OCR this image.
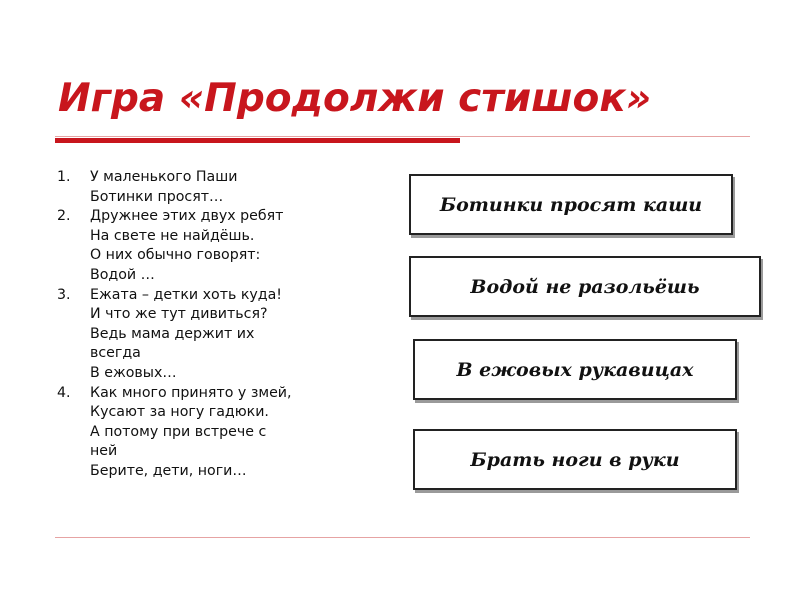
Игра «Продолжи стишок»
1.	У маленького Паши
Ботинки просят…
2.	Дружнее этих двух ребят
На свете не найдёшь.
О них обычно говорят:
Водой …
3.	Ежата – детки хоть куда!
И что же тут дивиться?
Ведь мама держит их
всегда
В ежовых…
4.	Как много принято у змей,
Кусают за ногу гадюки.
А потому при встрече с
ней
Берите, дети, ноги…
Ботинки просят каши
Водой не разольёшь
В ежовых рукавицах
Брать ноги в руки
